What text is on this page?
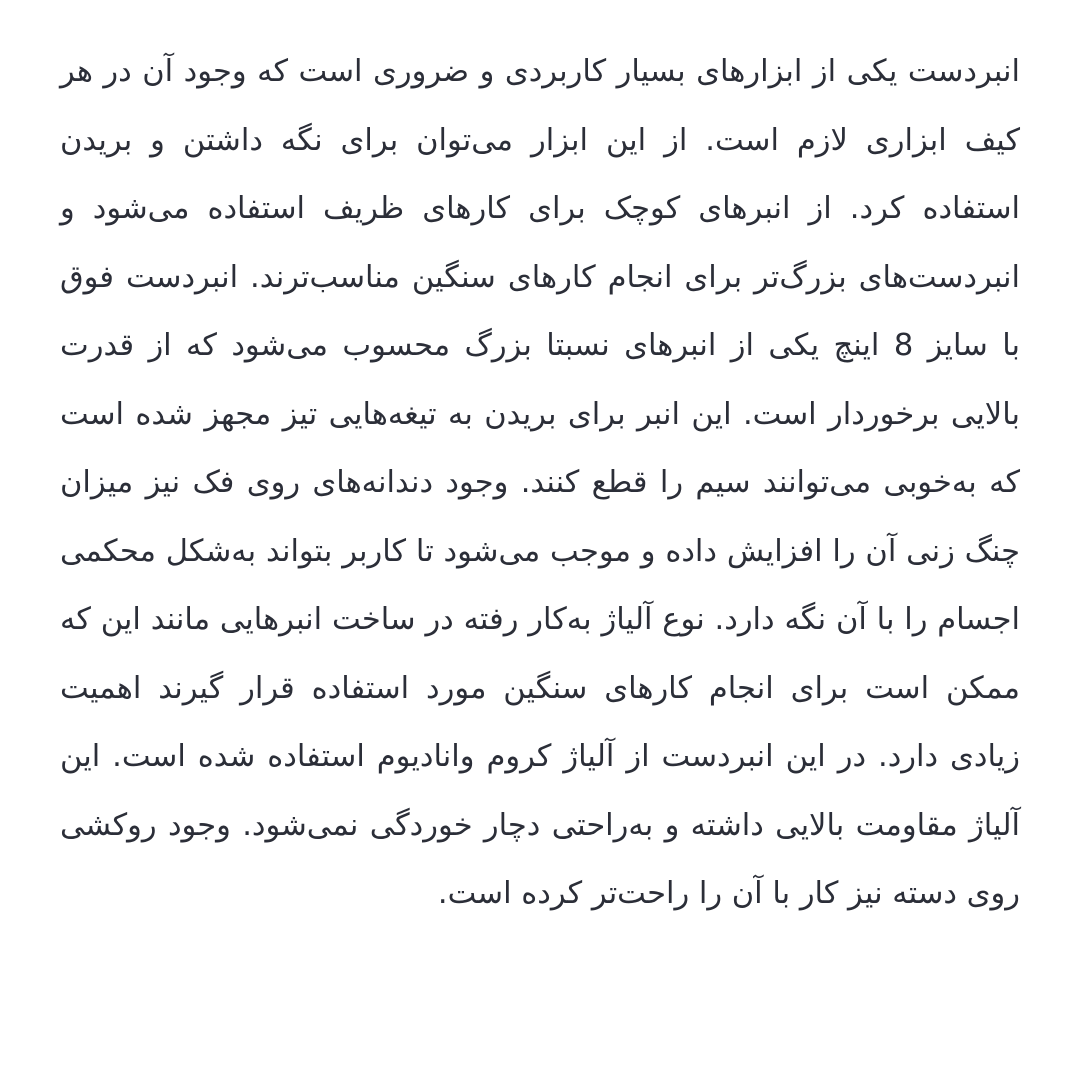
انبردست یکی از ابزارهای بسیار کاربردی و ضروری است که وجود آن در هر کیف ابزاری لازم است. از این ابزار می‌توان برای نگه داشتن و بریدن استفاده کرد. از انبرهای کوچک برای کارهای ظریف استفاده می‌شود و انبردست‌های بزرگ‌تر برای انجام کارهای سنگین مناسب‌ترند. انبردست فوق با سایز 8 اینچ یکی از انبرهای نسبتا بزرگ محسوب می‌شود که از قدرت بالایی برخوردار است. این انبر برای بریدن به تیغه‌هایی تیز مجهز شده است که به‌خوبی می‌توانند سیم را قطع کنند. وجود دندانه‌های روی فک نیز میزان چنگ زنی آن را افزایش داده و موجب می‌شود تا کاربر بتواند به‌شکل محکمی اجسام را با آن نگه دارد. نوع آلیاژ به‌کار رفته در ساخت انبرهایی مانند این که ممکن است برای انجام کارهای سنگین مورد استفاده قرار گیرند اهمیت زیادی دارد. در این انبردست از آلیاژ کروم واناديوم استفاده شده است. این آلیاژ مقاومت بالایی داشته و به‌راحتی دچار خوردگی نمی‌شود. وجود روکشی روی دسته نیز کار با آن را راحت‌تر کرده است.
